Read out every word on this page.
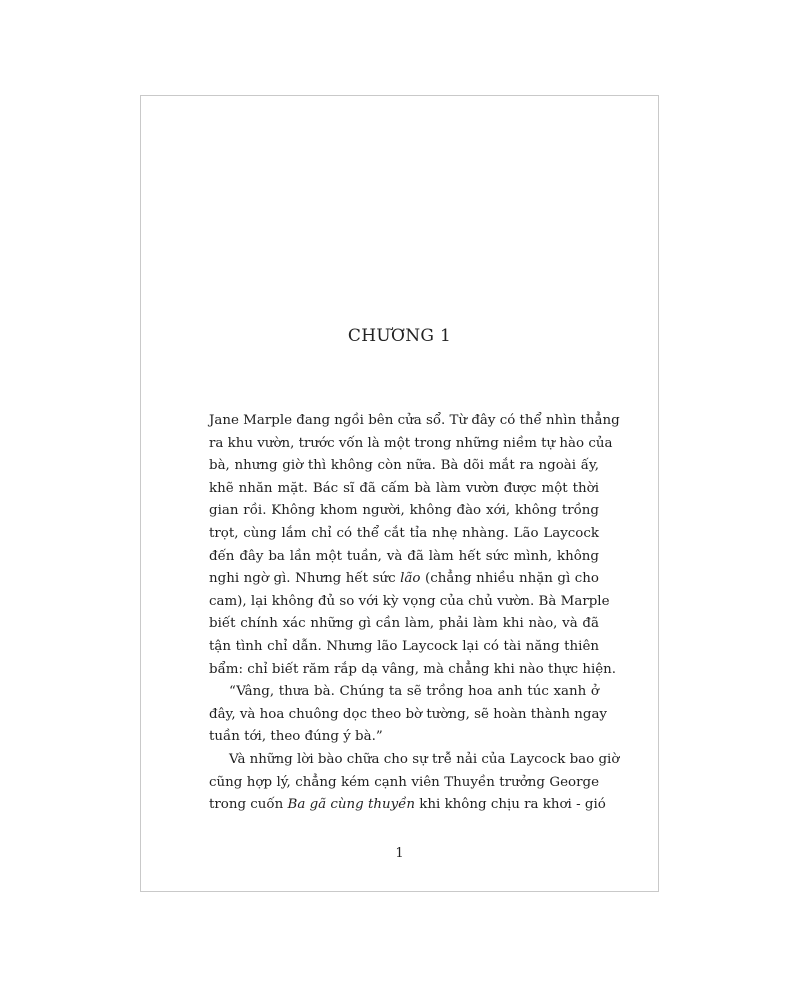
CHƯƠNG 1
Jane Marple đang ngồi bên cửa sổ. Từ đây có thể nhìn thẳng
ra khu vườn, trước vốn là một trong những niềm tự hào của
bà, nhưng giờ thì không còn nữa. Bà dõi mắt ra ngoài ấy,
khẽ nhăn mặt. Bác sĩ đã cấm bà làm vườn được một thời
gian rồi. Không khom người, không đào xới, không trồng
trọt, cùng lắm chỉ có thể cắt tỉa nhẹ nhàng. Lão Laycock
đến đây ba lần một tuần, và đã làm hết sức mình, không
nghi ngờ gì. Nhưng hết sức lão (chẳng nhiều nhặn gì cho
cam), lại không đủ so với kỳ vọng của chủ vườn. Bà Marple
biết chính xác những gì cần làm, phải làm khi nào, và đã
tận tình chỉ dẫn. Nhưng lão Laycock lại có tài năng thiên
bẩm: chỉ biết răm rắp dạ vâng, mà chẳng khi nào thực hiện.
“Vâng, thưa bà. Chúng ta sẽ trồng hoa anh túc xanh ở
đây, và hoa chuông dọc theo bờ tường, sẽ hoàn thành ngay
tuần tới, theo đúng ý bà.”
Và những lời bào chữa cho sự trễ nải của Laycock bao giờ
cũng hợp lý, chẳng kém cạnh viên Thuyền trưởng George
trong cuốn Ba gã cùng thuyền khi không chịu ra khơi - gió
1
